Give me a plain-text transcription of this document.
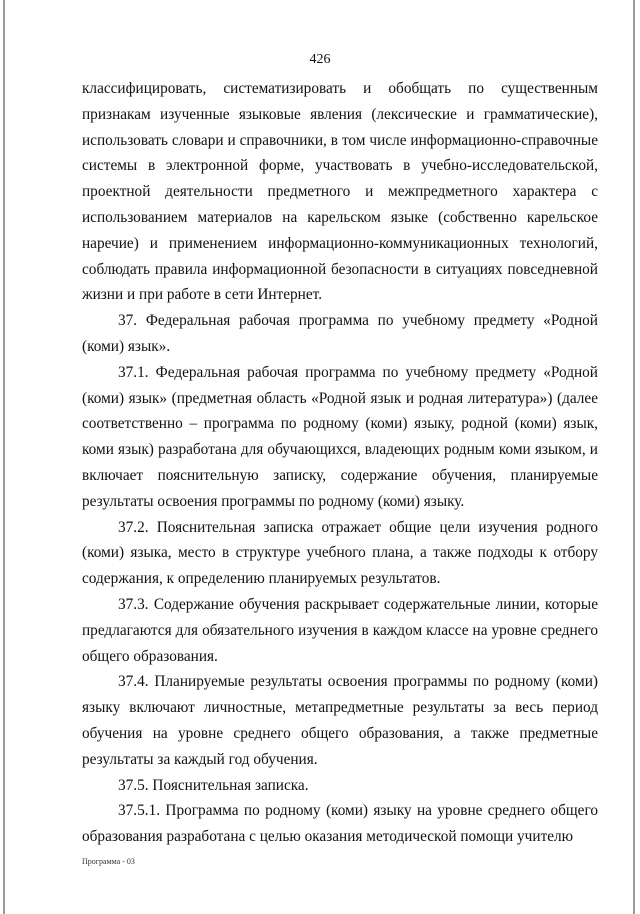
426

классифицировать, систематизировать и обобщать по существенным признакам изученные языковые явления (лексические и грамматические), использовать словари и справочники, в том числе информационно-справочные системы в электронной форме, участвовать в учебно-исследовательской, проектной деятельности предметного и межпредметного характера с использованием материалов на карельском языке (собственно карельское наречие) и применением информационно-коммуникационных технологий, соблюдать правила информационной безопасности в ситуациях повседневной жизни и при работе в сети Интернет.

37. Федеральная рабочая программа по учебному предмету «Родной (коми) язык».

37.1. Федеральная рабочая программа по учебному предмету «Родной (коми) язык» (предметная область «Родной язык и родная литература») (далее соответственно – программа по родному (коми) языку, родной (коми) язык, коми язык) разработана для обучающихся, владеющих родным коми языком, и включает пояснительную записку, содержание обучения, планируемые результаты освоения программы по родному (коми) языку.

37.2. Пояснительная записка отражает общие цели изучения родного (коми) языка, место в структуре учебного плана, а также подходы к отбору содержания, к определению планируемых результатов.

37.3. Содержание обучения раскрывает содержательные линии, которые предлагаются для обязательного изучения в каждом классе на уровне среднего общего образования.

37.4. Планируемые результаты освоения программы по родному (коми) языку включают личностные, метапредметные результаты за весь период обучения на уровне среднего общего образования, а также предметные результаты за каждый год обучения.

37.5. Пояснительная записка.

37.5.1. Программа по родному (коми) языку на уровне среднего общего образования разработана с целью оказания методической помощи учителю

Программа - 03
